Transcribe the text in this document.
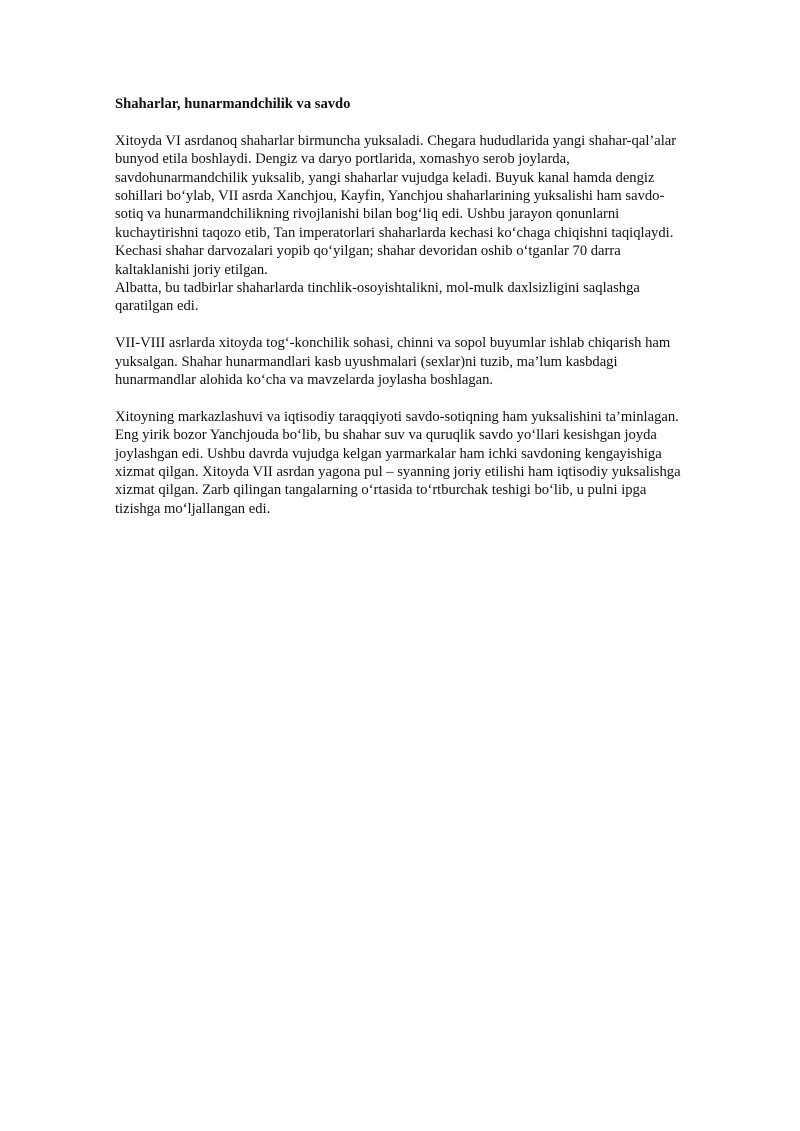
Shaharlar, hunarmandchilik va savdo

Xitoyda VI asrdanoq shaharlar birmuncha yuksaladi. Chegara hududlarida yangi shahar-qal’alar
bunyod etila boshlaydi. Dengiz va daryo portlarida, xomashyo serob joylarda,
savdohunarmandchilik yuksalib, yangi shaharlar vujudga keladi. Buyuk kanal hamda dengiz
sohillari bo‘ylab, VII asrda Xanchjou, Kayfin, Yanchjou shaharlarining yuksalishi ham savdo-
sotiq va hunarmandchilikning rivojlanishi bilan bog‘liq edi. Ushbu jarayon qonunlarni
kuchaytirishni taqozo etib, Tan imperatorlari shaharlarda kechasi ko‘chaga chiqishni taqiqlaydi.
Kechasi shahar darvozalari yopib qo‘yilgan; shahar devoridan oshib o‘tganlar 70 darra
kaltaklanishi joriy etilgan.
Albatta, bu tadbirlar shaharlarda tinchlik-osoyishtalikni, mol-mulk daxlsizligini saqlashga
qaratilgan edi.

VII-VIII asrlarda xitoyda tog‘-konchilik sohasi, chinni va sopol buyumlar ishlab chiqarish ham
yuksalgan. Shahar hunarmandlari kasb uyushmalari (sexlar)ni tuzib, ma’lum kasbdagi
hunarmandlar alohida ko‘cha va mavzelarda joylasha boshlagan.

Xitoyning markazlashuvi va iqtisodiy taraqqiyoti savdo-sotiqning ham yuksalishini ta’minlagan.
Eng yirik bozor Yanchjouda bo‘lib, bu shahar suv va quruqlik savdo yo‘llari kesishgan joyda
joylashgan edi. Ushbu davrda vujudga kelgan yarmarkalar ham ichki savdoning kengayishiga
xizmat qilgan. Xitoyda VII asrdan yagona pul – syanning joriy etilishi ham iqtisodiy yuksalishga
xizmat qilgan. Zarb qilingan tangalarning o‘rtasida to‘rtburchak teshigi bo‘lib, u pulni ipga
tizishga mo‘ljallangan edi.
